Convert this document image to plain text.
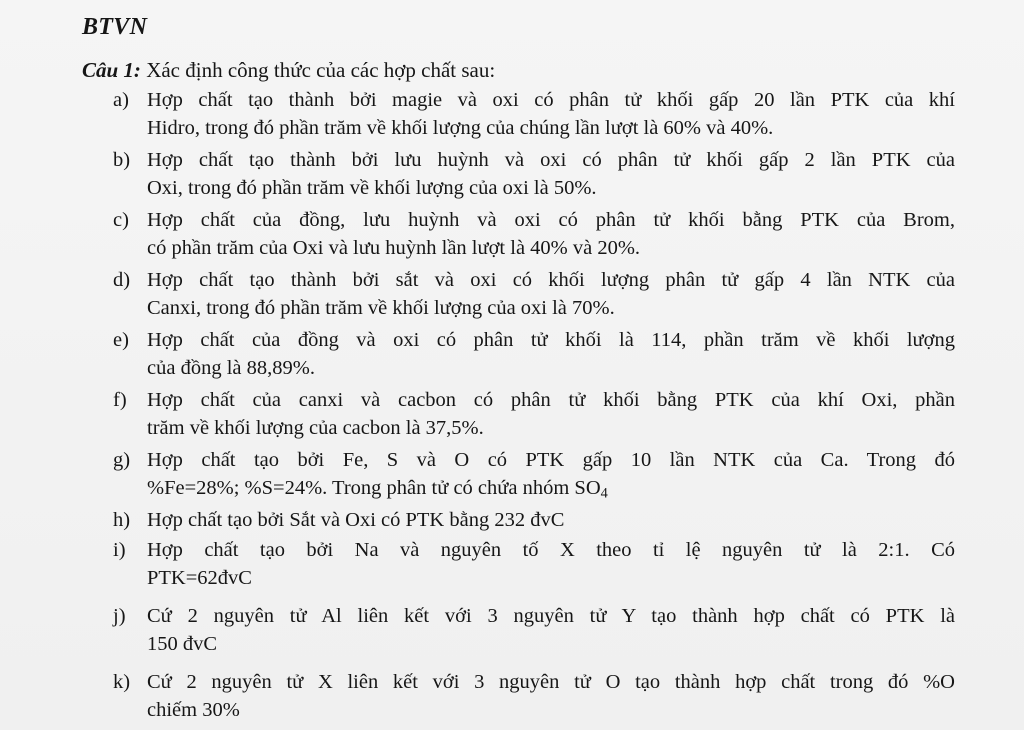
BTVN
Câu 1: Xác định công thức của các hợp chất sau:
a) Hợp chất tạo thành bởi magie và oxi có phân tử khối gấp 20 lần PTK của khí
Hidro, trong đó phần trăm về khối lượng của chúng lần lượt là 60% và 40%.
b) Hợp chất tạo thành bởi lưu huỳnh và oxi có phân tử khối gấp 2 lần PTK của
Oxi, trong đó phần trăm về khối lượng của oxi là 50%.
c) Hợp chất của đồng, lưu huỳnh và oxi có phân tử khối bằng PTK của Brom,
có phần trăm của Oxi và lưu huỳnh lần lượt là 40% và 20%.
d) Hợp chất tạo thành bởi sắt và oxi có khối lượng phân tử gấp 4 lần NTK của
Canxi, trong đó phần trăm về khối lượng của oxi là 70%.
e) Hợp chất của đồng và oxi có phân tử khối là 114, phần trăm về khối lượng
của đồng là 88,89%.
f) Hợp chất của canxi và cacbon có phân tử khối bằng PTK của khí Oxi, phần
trăm về khối lượng của cacbon là 37,5%.
g) Hợp chất tạo bởi Fe, S và O có PTK gấp 10 lần NTK của Ca. Trong đó
%Fe=28%; %S=24%. Trong phân tử có chứa nhóm $SO_4$
h) Hợp chất tạo bởi Sắt và Oxi có PTK bằng 232 đvC
i)	Hợp chất tạo bởi Na và nguyên tố X theo tỉ lệ nguyên tử là 2:1. Có
PTK=62đvC
j)	Cứ 2 nguyên tử Al liên kết với 3 nguyên tử Y tạo thành hợp chất có PTK là
150 đvC
k) Cứ 2 nguyên tử X liên kết với 3 nguyên tử O tạo thành hợp chất trong đó %O
chiếm 30%
